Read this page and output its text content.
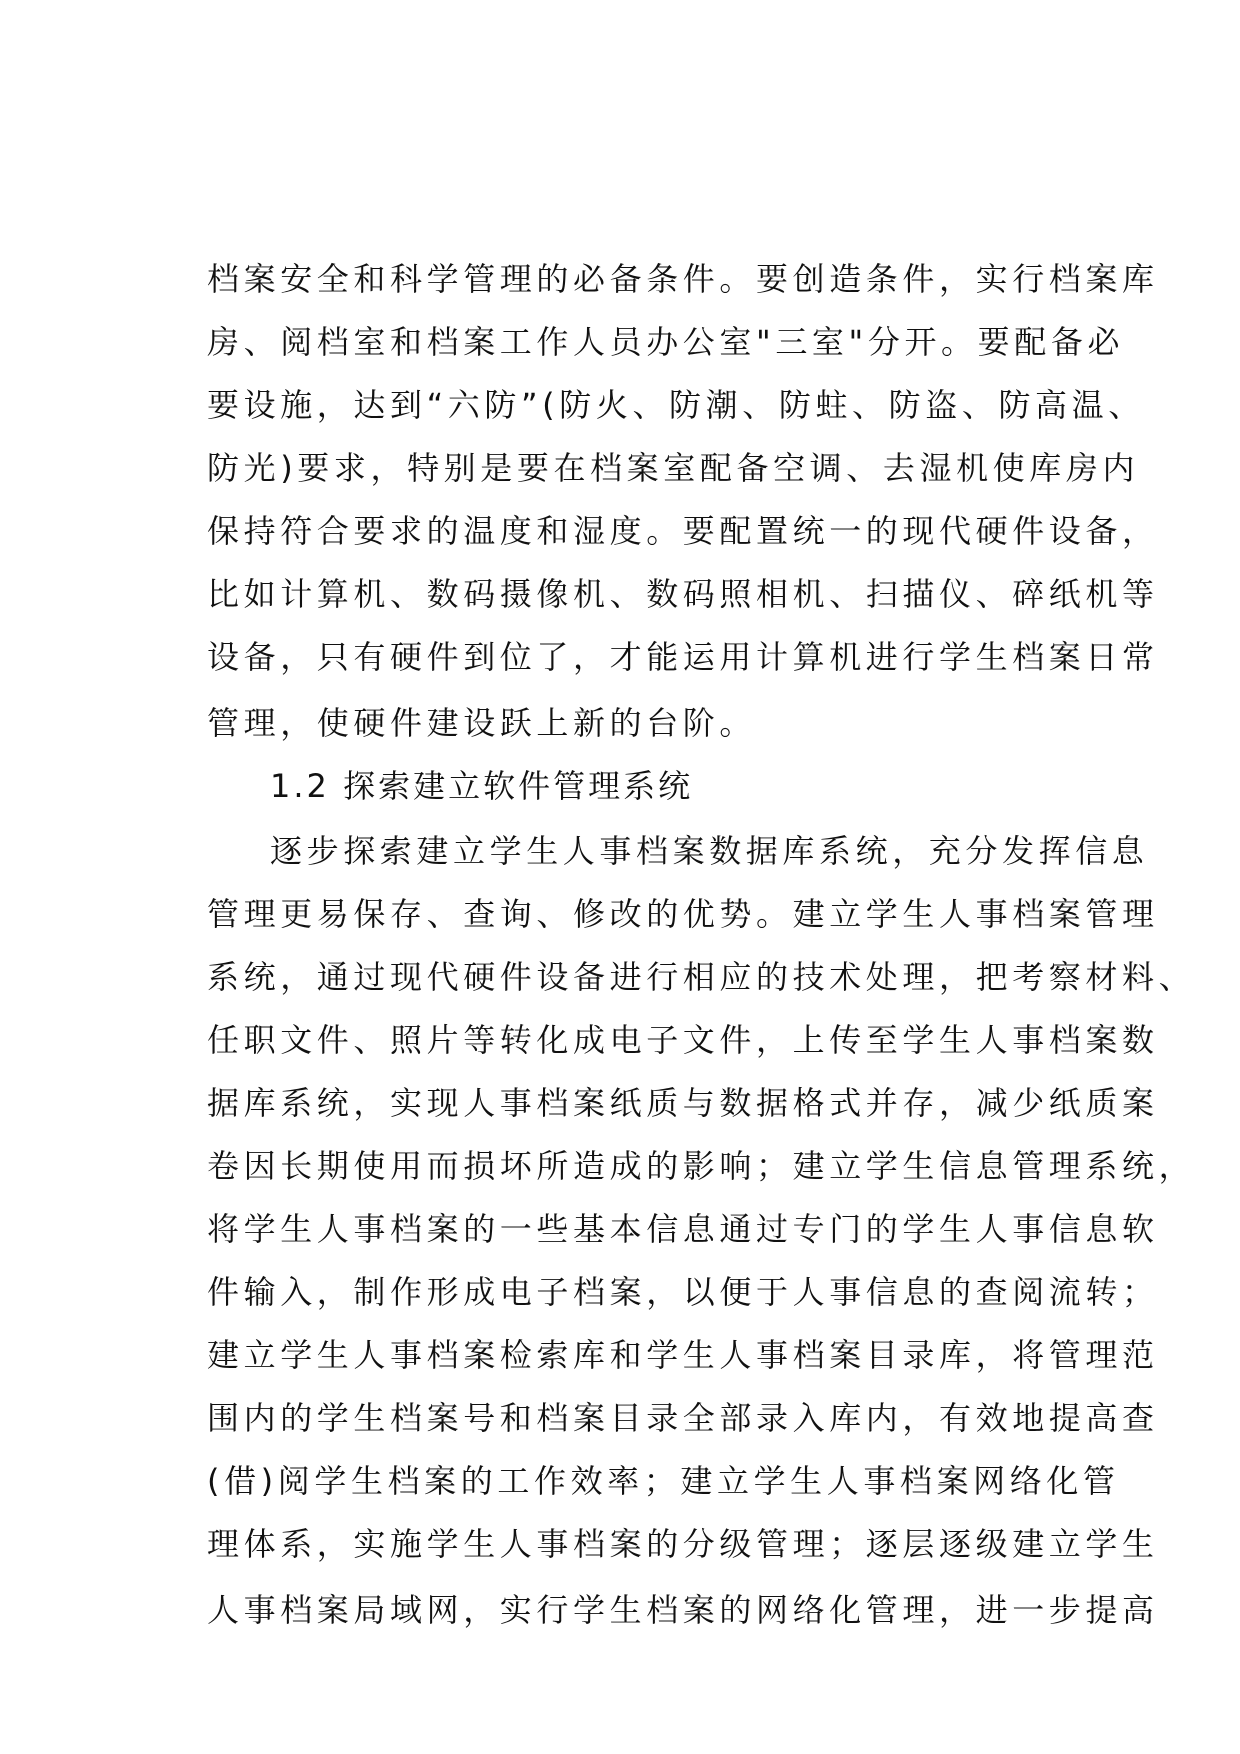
档案安全和科学管理的必备条件。要创造条件，实行档案库
房、阅档室和档案工作人员办公室"三室"分开。要配备必
要设施，达到“六防”(防火、防潮、防蛀、防盗、防高温、
防光)要求，特别是要在档案室配备空调、去湿机使库房内
保持符合要求的温度和湿度。要配置统一的现代硬件设备，
比如计算机、数码摄像机、数码照相机、扫描仪、碎纸机等
设备，只有硬件到位了，才能运用计算机进行学生档案日常
管理，使硬件建设跃上新的台阶。
1.2 探索建立软件管理系统
逐步探索建立学生人事档案数据库系统，充分发挥信息
管理更易保存、查询、修改的优势。建立学生人事档案管理
系统，通过现代硬件设备进行相应的技术处理，把考察材料、
任职文件、照片等转化成电子文件，上传至学生人事档案数
据库系统，实现人事档案纸质与数据格式并存，减少纸质案
卷因长期使用而损坏所造成的影响；建立学生信息管理系统，
将学生人事档案的一些基本信息通过专门的学生人事信息软
件输入，制作形成电子档案，以便于人事信息的查阅流转；
建立学生人事档案检索库和学生人事档案目录库，将管理范
围内的学生档案号和档案目录全部录入库内，有效地提高查
(借)阅学生档案的工作效率；建立学生人事档案网络化管
理体系，实施学生人事档案的分级管理；逐层逐级建立学生
人事档案局域网，实行学生档案的网络化管理，进一步提高
